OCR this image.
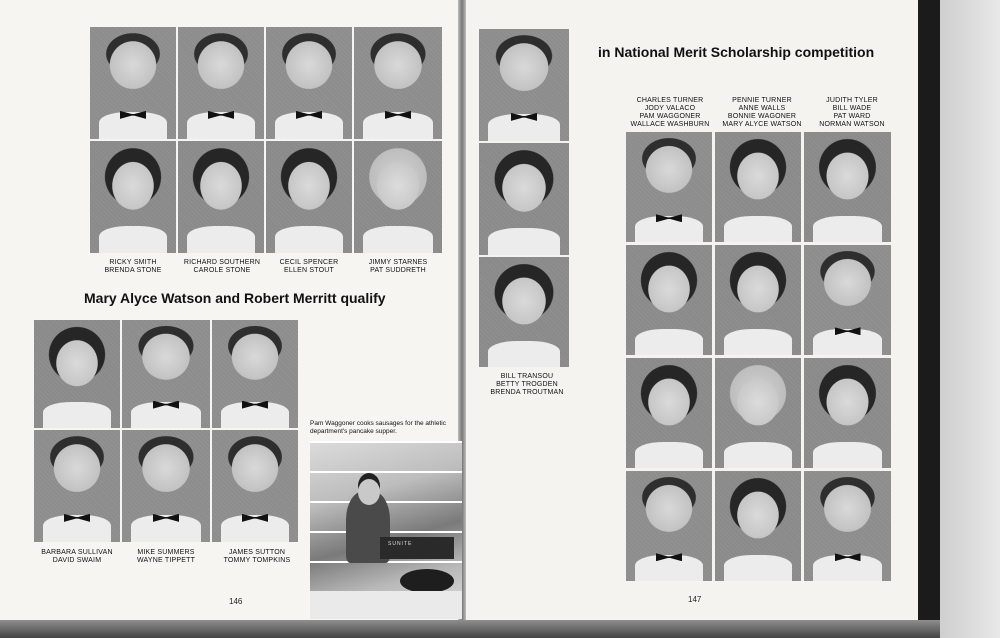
RICKY SMITH
BRENDA STONE
RICHARD SOUTHERN
CAROLE STONE
CECIL SPENCER
ELLEN STOUT
JIMMY STARNES
PAT SUDDRETH
Mary Alyce Watson and Robert Merritt qualify
BARBARA SULLIVAN
DAVID SWAIM
MIKE SUMMERS
WAYNE TIPPETT
JAMES SUTTON
TOMMY TOMPKINS
Pam Waggoner cooks sausages for the athletic department's pancake supper.
SUNITE
146
BILL TRANSOU
BETTY TROGDEN
BRENDA TROUTMAN
in National Merit Scholarship competition
CHARLES TURNER
JODY VALACO
PAM WAGGONER
WALLACE WASHBURN
PENNIE TURNER
ANNE WALLS
BONNIE WAGONER
MARY ALYCE WATSON
JUDITH TYLER
BILL WADE
PAT WARD
NORMAN WATSON
147
